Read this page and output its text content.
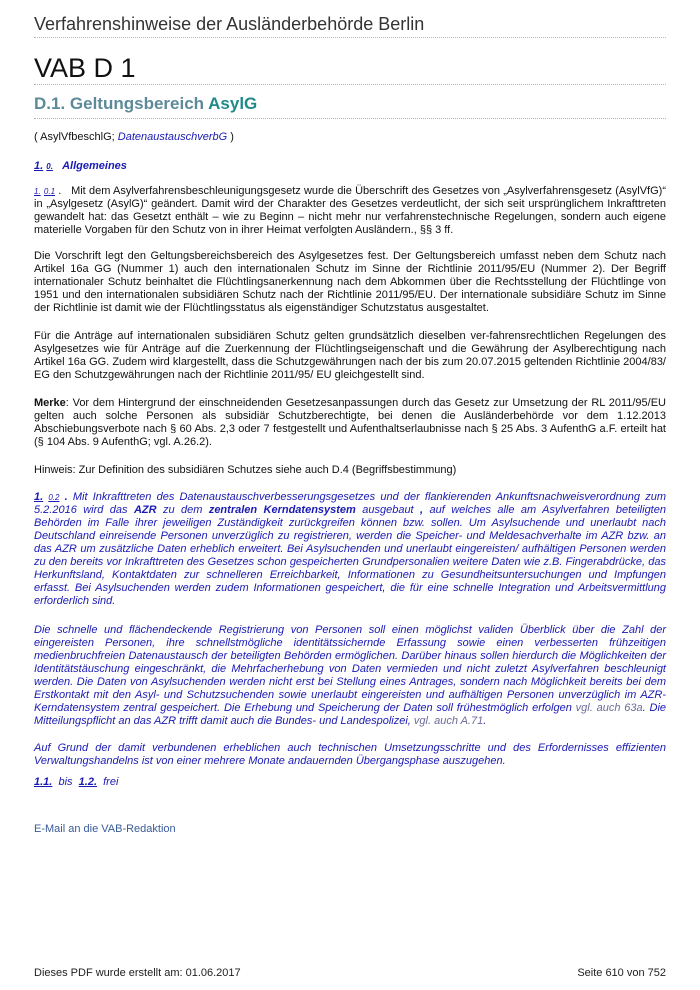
Verfahrenshinweise der Ausländerbehörde Berlin
VAB D 1
D.1. Geltungsbereich AsylG
( AsylVfbeschlG; DatenaustauschverbG )
1. 0. Allgemeines
1. 0.1 .   Mit dem Asylverfahrensbeschleunigungsgesetz wurde die Überschrift des Gesetzes von „Asylverfahrensgesetz (AsylVfG)“ in „Asylgesetz (AsylG)“ geändert. Damit wird der Charakter des Gesetzes verdeutlicht, der sich seit ursprünglichem Inkrafttreten gewandelt hat: das Gesetzt enthält – wie zu Beginn – nicht mehr nur verfahrenstechnische Regelungen, sondern auch eigene materielle Vorgaben für den Schutz von in ihrer Heimat verfolgten Ausländern., §§ 3 ff.
Die Vorschrift legt den Geltungsbereichsbereich des Asylgesetzes fest. Der Geltungsbereich umfasst neben dem Schutz nach Artikel 16a GG (Nummer 1) auch den internationalen Schutz im Sinne der Richtlinie 2011/95/EU (Nummer 2). Der Begriff internationaler Schutz beinhaltet die Flüchtlingsanerkennung nach dem Abkommen über die Rechtsstellung der Flüchtlinge von 1951 und den internationalen subsidiären Schutz nach der Richtlinie 2011/95/EU. Der internationale subsidiäre Schutz im Sinne der Richtlinie ist damit wie der Flüchtlingsstatus als eigenständiger Schutzstatus ausgestaltet.
Für die Anträge auf internationalen subsidiären Schutz gelten grundsätzlich dieselben ver-fahrensrechtlichen Regelungen des Asylgesetzes wie für Anträge auf die Zuerkennung der Flüchtlingseigenschaft und die Gewährung der Asylberechtigung nach Artikel 16a GG. Zudem wird klargestellt, dass die Schutzgewährungen nach der bis zum 20.07.2015 geltenden Richtlinie 2004/83/ EG den Schutzgewährungen nach der Richtlinie 2011/95/ EU gleichgestellt sind.
Merke: Vor dem Hintergrund der einschneidenden Gesetzesanpassungen durch das Gesetz zur Umsetzung der RL 2011/95/EU gelten auch solche Personen als subsidiär Schutzberechtigte, bei denen die Ausländerbehörde vor dem 1.12.2013 Abschiebungsverbote nach § 60 Abs. 2,3 oder 7 festgestellt und Aufenthaltserlaubnisse nach § 25 Abs. 3 AufenthG a.F. erteilt hat (§ 104 Abs. 9 AufenthG; vgl. A.26.2).
Hinweis: Zur Definition des subsidiären Schutzes siehe auch D.4 (Begriffsbestimmung)
1. 0.2 . Mit Inkrafttreten des Datenaustauschverbesserungsgesetzes und der flankierenden Ankunftsnachweisverordnung zum 5.2.2016 wird das AZR zu dem zentralen Kerndatensystem ausgebaut , auf welches alle am Asylverfahren beteiligten Behörden im Falle ihrer jeweiligen Zuständigkeit zurückgreifen können bzw. sollen. Um Asylsuchende und unerlaubt nach Deutschland einreisende Personen unverzüglich zu registrieren, werden die Speicher- und Meldesachverhalte im AZR bzw. an das AZR um zusätzliche Daten erheblich erweitert. Bei Asylsuchenden und unerlaubt eingereisten/ aufhältigen Personen werden zu den bereits vor Inkrafttreten des Gesetzes schon gespeicherten Grundpersonalien weitere Daten wie z.B. Fingerabdrücke, das Herkunftsland, Kontaktdaten zur schnelleren Erreichbarkeit, Informationen zu Gesundheitsuntersuchungen und Impfungen erfasst. Bei Asylsuchenden werden zudem Informationen gespeichert, die für eine schnelle Integration und Arbeitsvermittlung erforderlich sind.
Die schnelle und flächendeckende Registrierung von Personen soll einen möglichst validen Überblick über die Zahl der eingereisten Personen, ihre schnellstmögliche identitätssichernde Erfassung sowie einen verbesserten frühzeitigen medienbruchfreien Datenaustausch der beteiligten Behörden ermöglichen. Darüber hinaus sollen hierdurch die Möglichkeiten der Identitätstäuschung eingeschränkt, die Mehrfacherhebung von Daten vermieden und nicht zuletzt Asylverfahren beschleunigt werden. Die Daten von Asylsuchenden werden nicht erst bei Stellung eines Antrages, sondern nach Möglichkeit bereits bei dem Erstkontakt mit den Asyl- und Schutzsuchenden sowie unerlaubt eingereisten und aufhältigen Personen unverzüglich im AZR-Kerndatensystem zentral gespeichert. Die Erhebung und Speicherung der Daten soll frühestmöglich erfolgen vgl. auch 63a. Die Mitteilungspflicht an das AZR trifft damit auch die Bundes- und Landespolizei, vgl. auch A.71.
Auf Grund der damit verbundenen erheblichen auch technischen Umsetzungsschritte und des Erfordernisses effizienten Verwaltungshandelns ist von einer mehrere Monate andauernden Übergangsphase auszugehen.
1.1.  bis  1.2.  frei
E-Mail an die VAB-Redaktion
Dieses PDF wurde erstellt am: 01.06.2017	Seite 610 von 752
